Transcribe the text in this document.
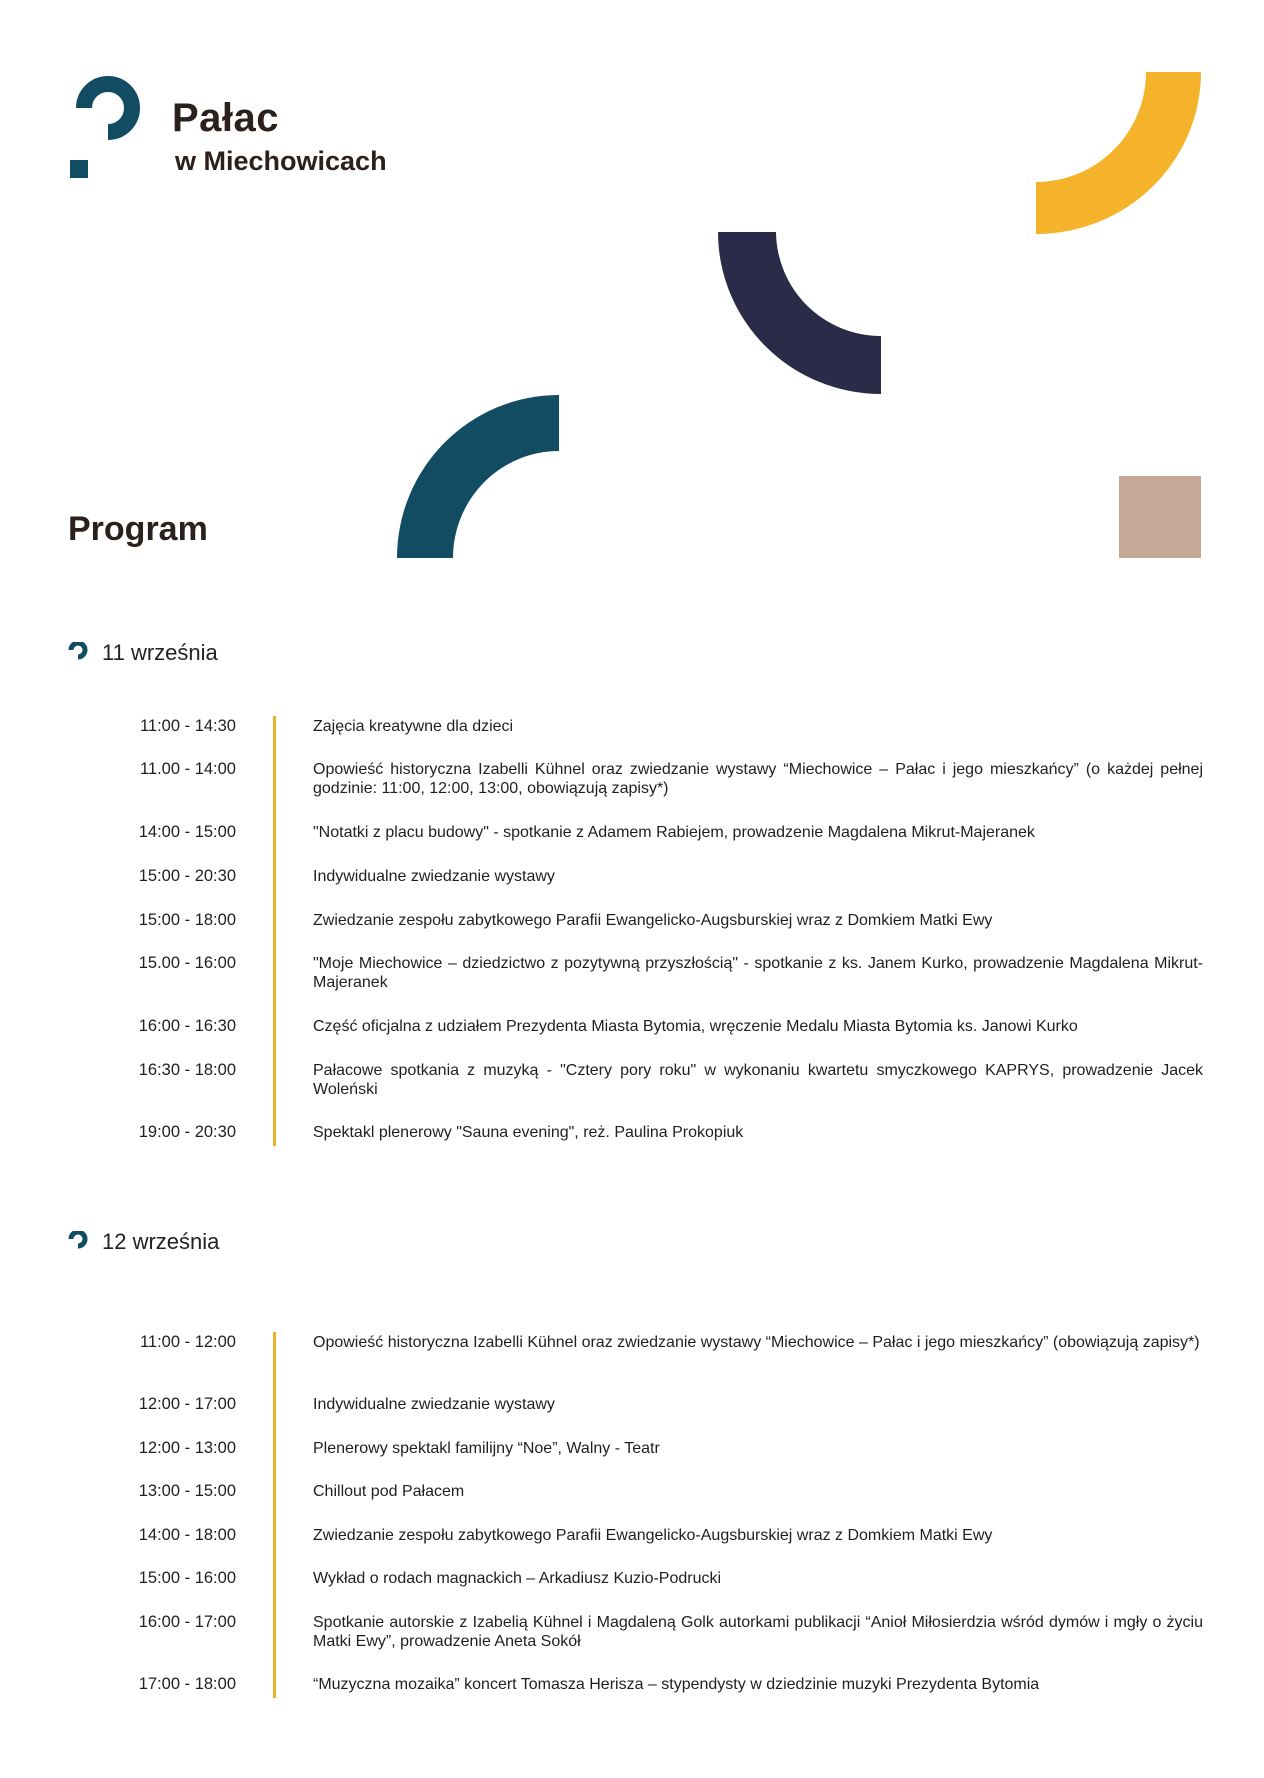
Pałac
w Miechowicach
Program
11 września
11:00 - 14:30	Zajęcia kreatywne dla dzieci
11.00 - 14:00	Opowieść historyczna Izabelli Kühnel oraz zwiedzanie wystawy “Miechowice – Pałac i jego mieszkańcy” (o każdej pełnej godzinie: 11:00, 12:00, 13:00, obowiązują zapisy*)
14:00 - 15:00	"Notatki z placu budowy" - spotkanie z Adamem Rabiejem, prowadzenie Magdalena Mikrut-Majeranek
15:00 - 20:30	Indywidualne zwiedzanie wystawy
15:00 - 18:00	Zwiedzanie zespołu zabytkowego Parafii Ewangelicko-Augsburskiej wraz z Domkiem Matki Ewy
15.00 - 16:00	"Moje Miechowice – dziedzictwo z pozytywną przyszłością" - spotkanie z ks. Janem Kurko, prowadzenie Magdalena Mikrut-Majeranek
16:00 - 16:30	Część oficjalna z udziałem Prezydenta Miasta Bytomia, wręczenie Medalu Miasta Bytomia ks. Janowi Kurko
16:30 - 18:00	Pałacowe spotkania z muzyką - "Cztery pory roku" w wykonaniu kwartetu smyczkowego KAPRYS, prowadzenie Jacek Woleński
19:00 - 20:30	Spektakl plenerowy "Sauna evening", reż. Paulina Prokopiuk
12 września
11:00 - 12:00	Opowieść historyczna Izabelli Kühnel oraz zwiedzanie wystawy “Miechowice – Pałac i jego mieszkańcy” (obowiązują zapisy*)
12:00 - 17:00	Indywidualne zwiedzanie wystawy
12:00 - 13:00	Plenerowy spektakl familijny “Noe”, Walny - Teatr
13:00 - 15:00	Chillout pod Pałacem
14:00 - 18:00	Zwiedzanie zespołu zabytkowego Parafii Ewangelicko-Augsburskiej wraz z Domkiem Matki Ewy
15:00 - 16:00	Wykład o rodach magnackich – Arkadiusz Kuzio-Podrucki
16:00 - 17:00	Spotkanie autorskie z Izabelią Kühnel i Magdaleną Golk autorkami publikacji “Anioł Miłosierdzia wśród dymów i mgły o życiu Matki Ewy”, prowadzenie Aneta Sokół
17:00 - 18:00	“Muzyczna mozaika” koncert Tomasza Herisza – stypendysty w dziedzinie muzyki Prezydenta Bytomia
